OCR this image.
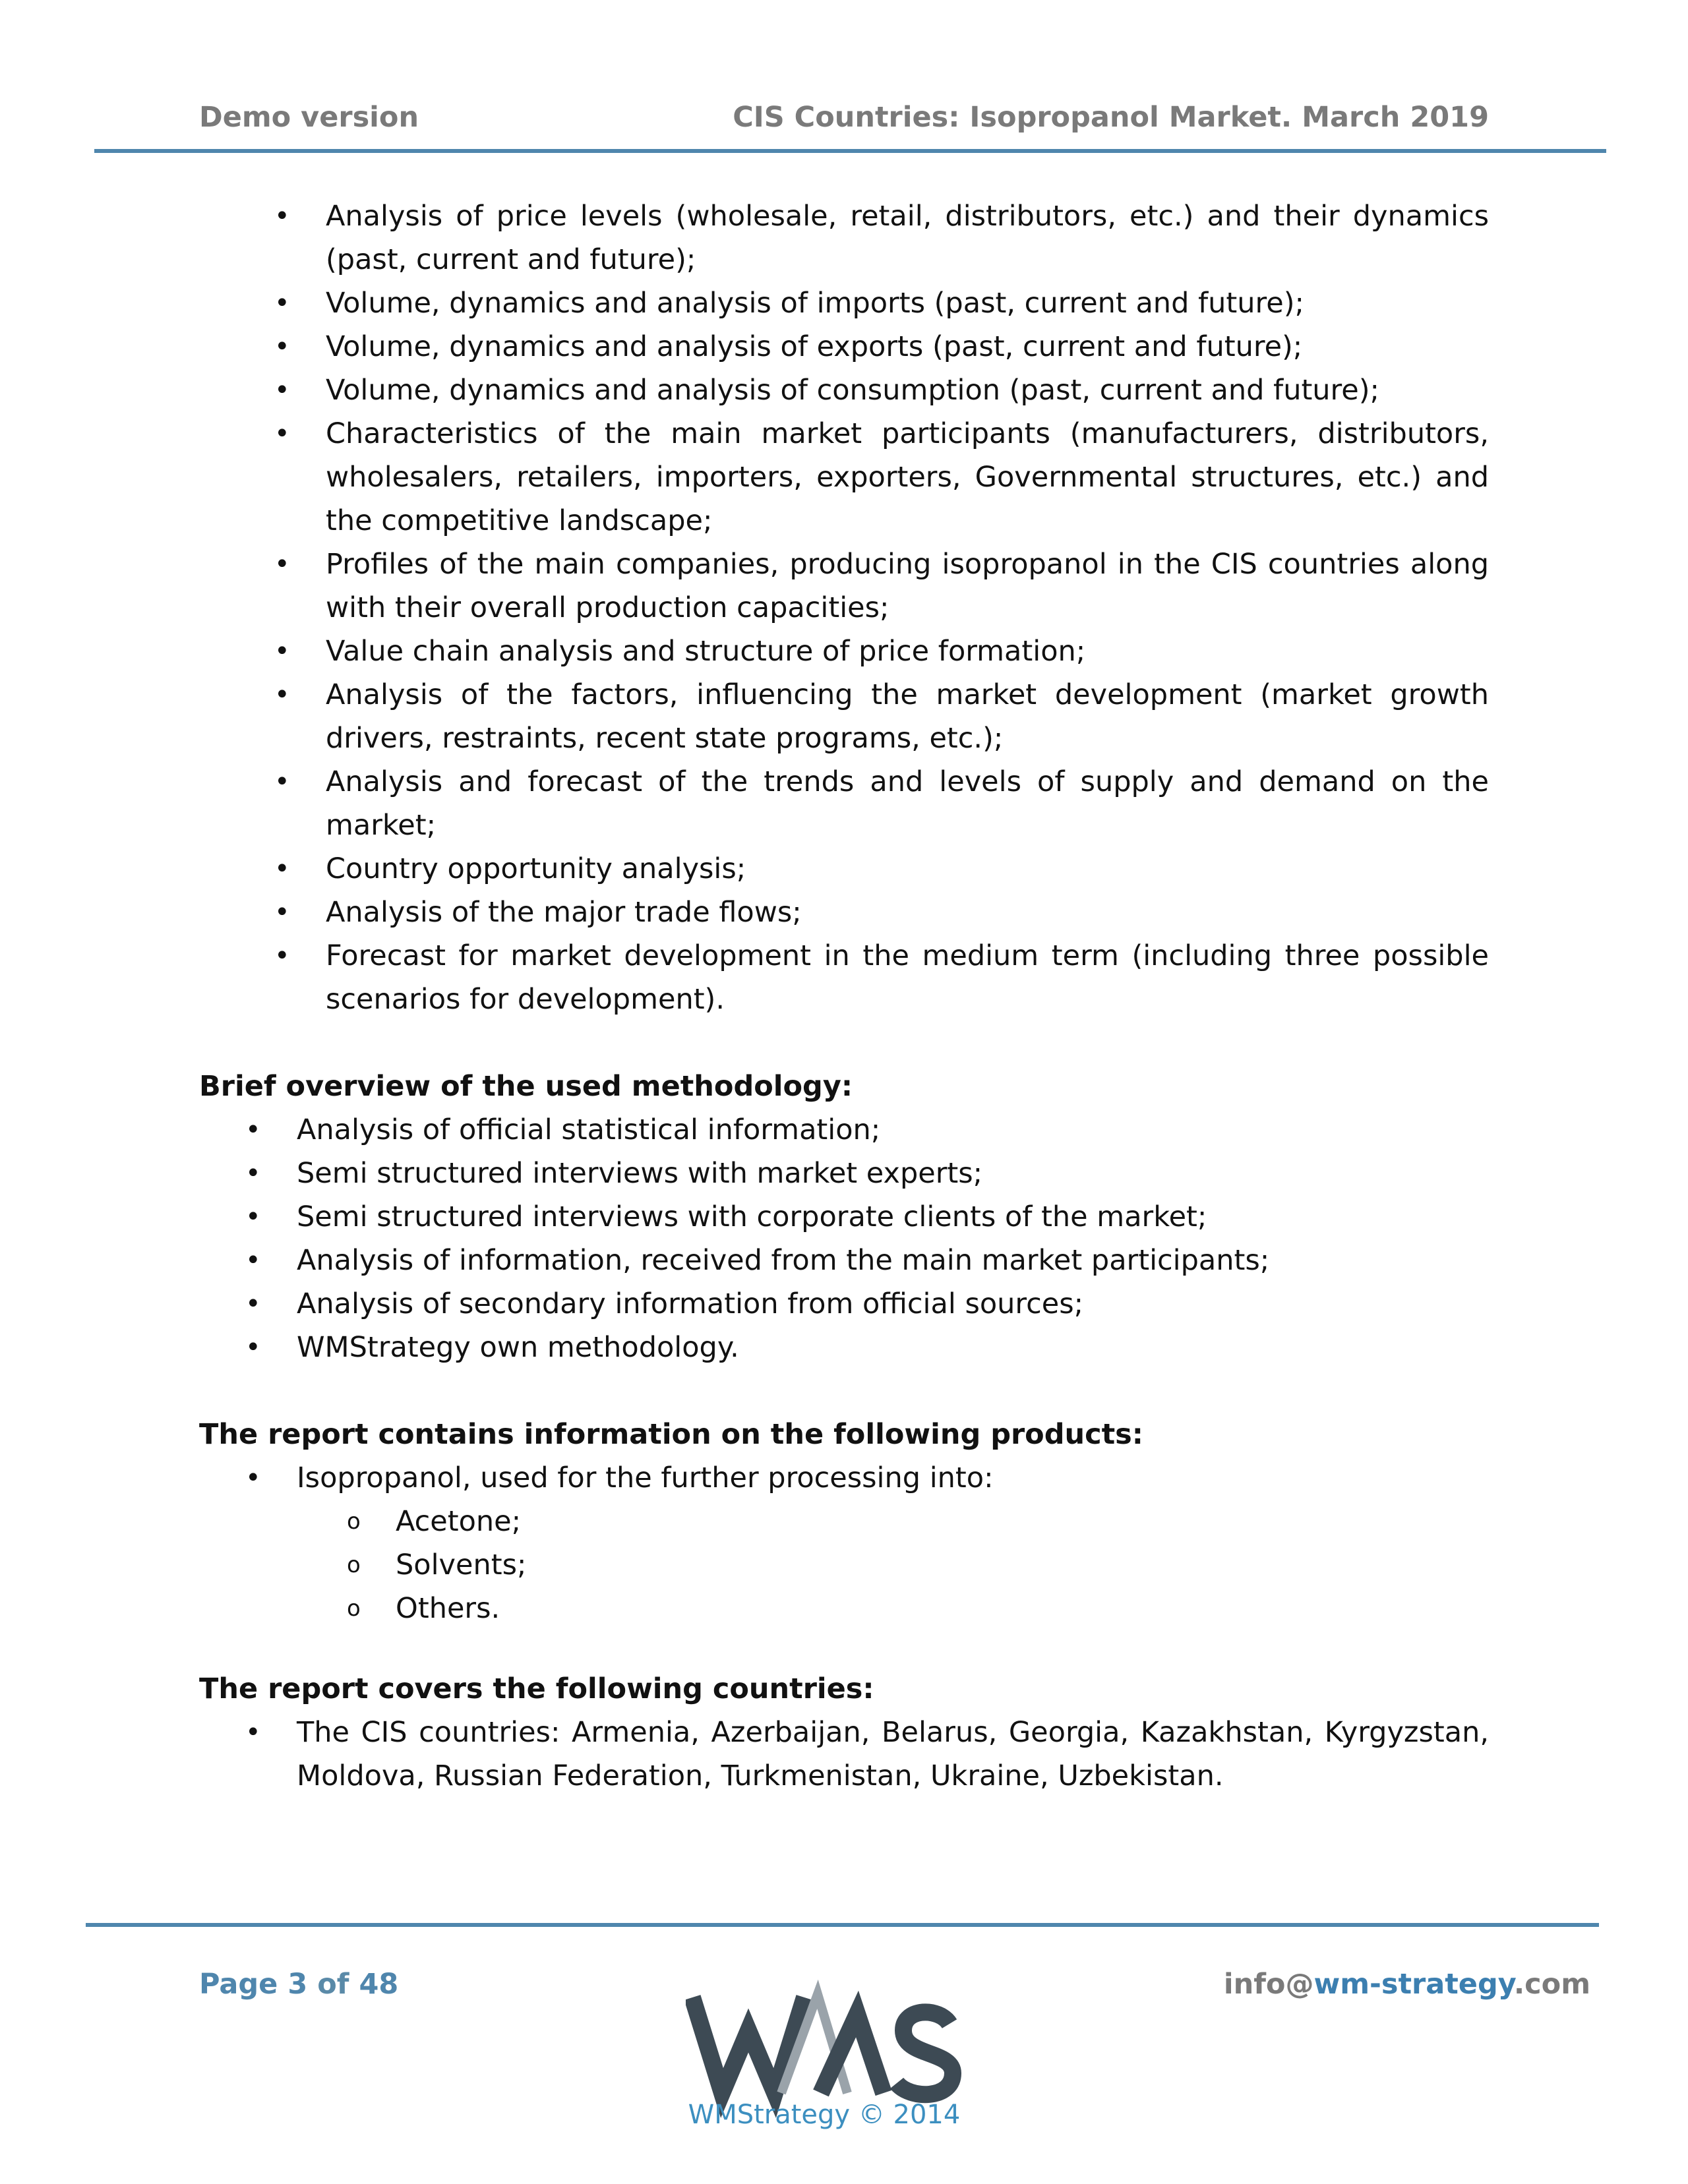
Demo version	CIS Countries: Isopropanol Market. March 2019
• Analysis of price levels (wholesale, retail, distributors, etc.) and their dynamics (past, current and future);
• Volume, dynamics and analysis of imports (past, current and future);
• Volume, dynamics and analysis of exports (past, current and future);
• Volume, dynamics and analysis of consumption (past, current and future);
• Characteristics of the main market participants (manufacturers, distributors, wholesalers, retailers, importers, exporters, Governmental structures, etc.) and the competitive landscape;
• Profiles of the main companies, producing isopropanol in the CIS countries along with their overall production capacities;
• Value chain analysis and structure of price formation;
• Analysis of the factors, influencing the market development (market growth drivers, restraints, recent state programs, etc.);
• Analysis and forecast of the trends and levels of supply and demand on the market;
• Country opportunity analysis;
• Analysis of the major trade flows;
• Forecast for market development in the medium term (including three possible scenarios for development).
Brief overview of the used methodology:
• Analysis of official statistical information;
• Semi structured interviews with market experts;
• Semi structured interviews with corporate clients of the market;
• Analysis of information, received from the main market participants;
• Analysis of secondary information from official sources;
• WMStrategy own methodology.
The report contains information on the following products:
• Isopropanol, used for the further processing into:
o Acetone;
o Solvents;
o Others.
The report covers the following countries:
• The CIS countries: Armenia, Azerbaijan, Belarus, Georgia, Kazakhstan, Kyrgyzstan, Moldova, Russian Federation, Turkmenistan, Ukraine, Uzbekistan.
Page 3 of 48	info@wm-strategy.com
WMS
WMStrategy © 2014
